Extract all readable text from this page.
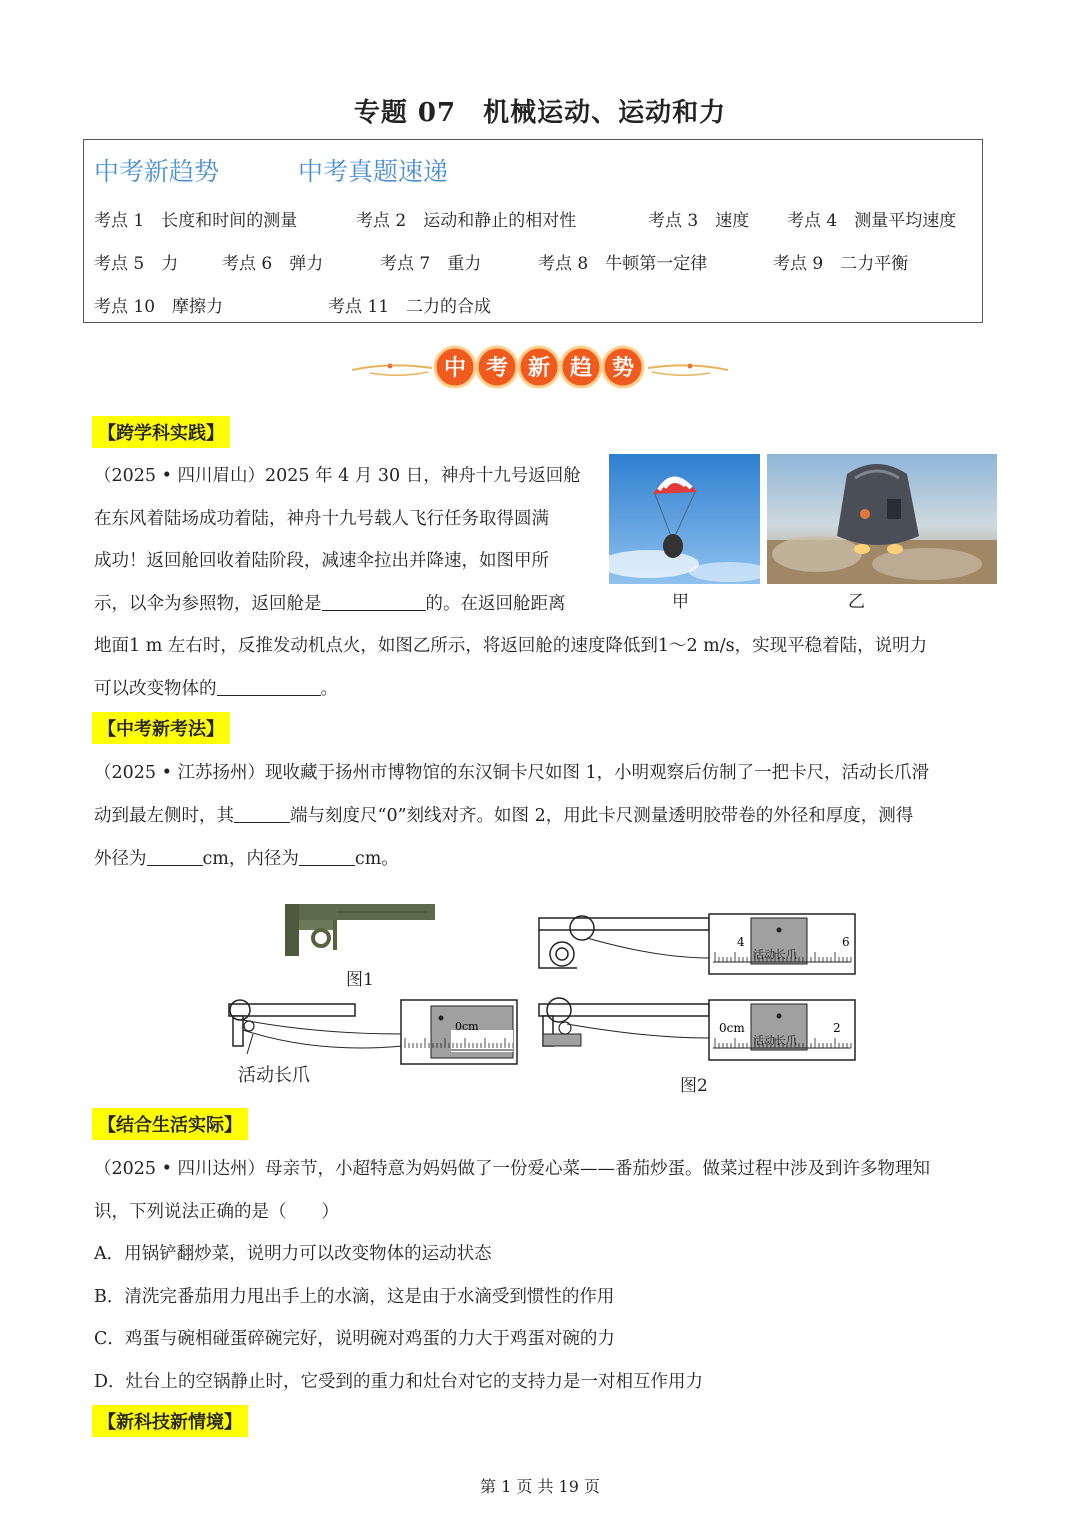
专题 07　机械运动、运动和力
中考新趋势	中考真题速递
考点 1　长度和时间的测量	考点 2　运动和静止的相对性	考点 3　速度 考点 4　测量平均速度
考点 5　力	考点 6　弹力	考点 7　重力	考点 8　牛顿第一定律	考点 9　二力平衡
考点 10　摩擦力	考点 11　二力的合成
中 考 新 趋 势
【跨学科实践】
（2025 • 四川眉山）2025 年 4 月 30 日，神舟十九号返回舱
在东风着陆场成功着陆，神舟十九号载人飞行任务取得圆满
成功！返回舱回收着陆阶段，减速伞拉出并降速，如图甲所
示，以伞为参照物，返回舱是	的。在返回舱距离
地面1 m 左右时，反推发动机点火，如图乙所示，将返回舱的速度降低到1～2 m/s，实现平稳着陆，说明力
可以改变物体的	。
甲	乙
【中考新考法】
（2025 • 江苏扬州）现收藏于扬州市博物馆的东汉铜卡尺如图 1，小明观察后仿制了一把卡尺，活动长爪滑
动到最左侧时，其	端与刻度尺“0”刻线对齐。如图 2，用此卡尺测量透明胶带卷的外径和厚度，测得
外径为	cm，内径为	cm。
图1
4	6
活动长爪
0cm
活动长爪
0cm	2
活动长爪
图2
【结合生活实际】
（2025 • 四川达州）母亲节，小超特意为妈妈做了一份爱心菜——番茄炒蛋。做菜过程中涉及到许多物理知
识，下列说法正确的是（　　）
A．用锅铲翻炒菜，说明力可以改变物体的运动状态
B．清洗完番茄用力甩出手上的水滴，这是由于水滴受到惯性的作用
C．鸡蛋与碗相碰蛋碎碗完好，说明碗对鸡蛋的力大于鸡蛋对碗的力
D．灶台上的空锅静止时，它受到的重力和灶台对它的支持力是一对相互作用力
【新科技新情境】
第 1 页 共 19 页
